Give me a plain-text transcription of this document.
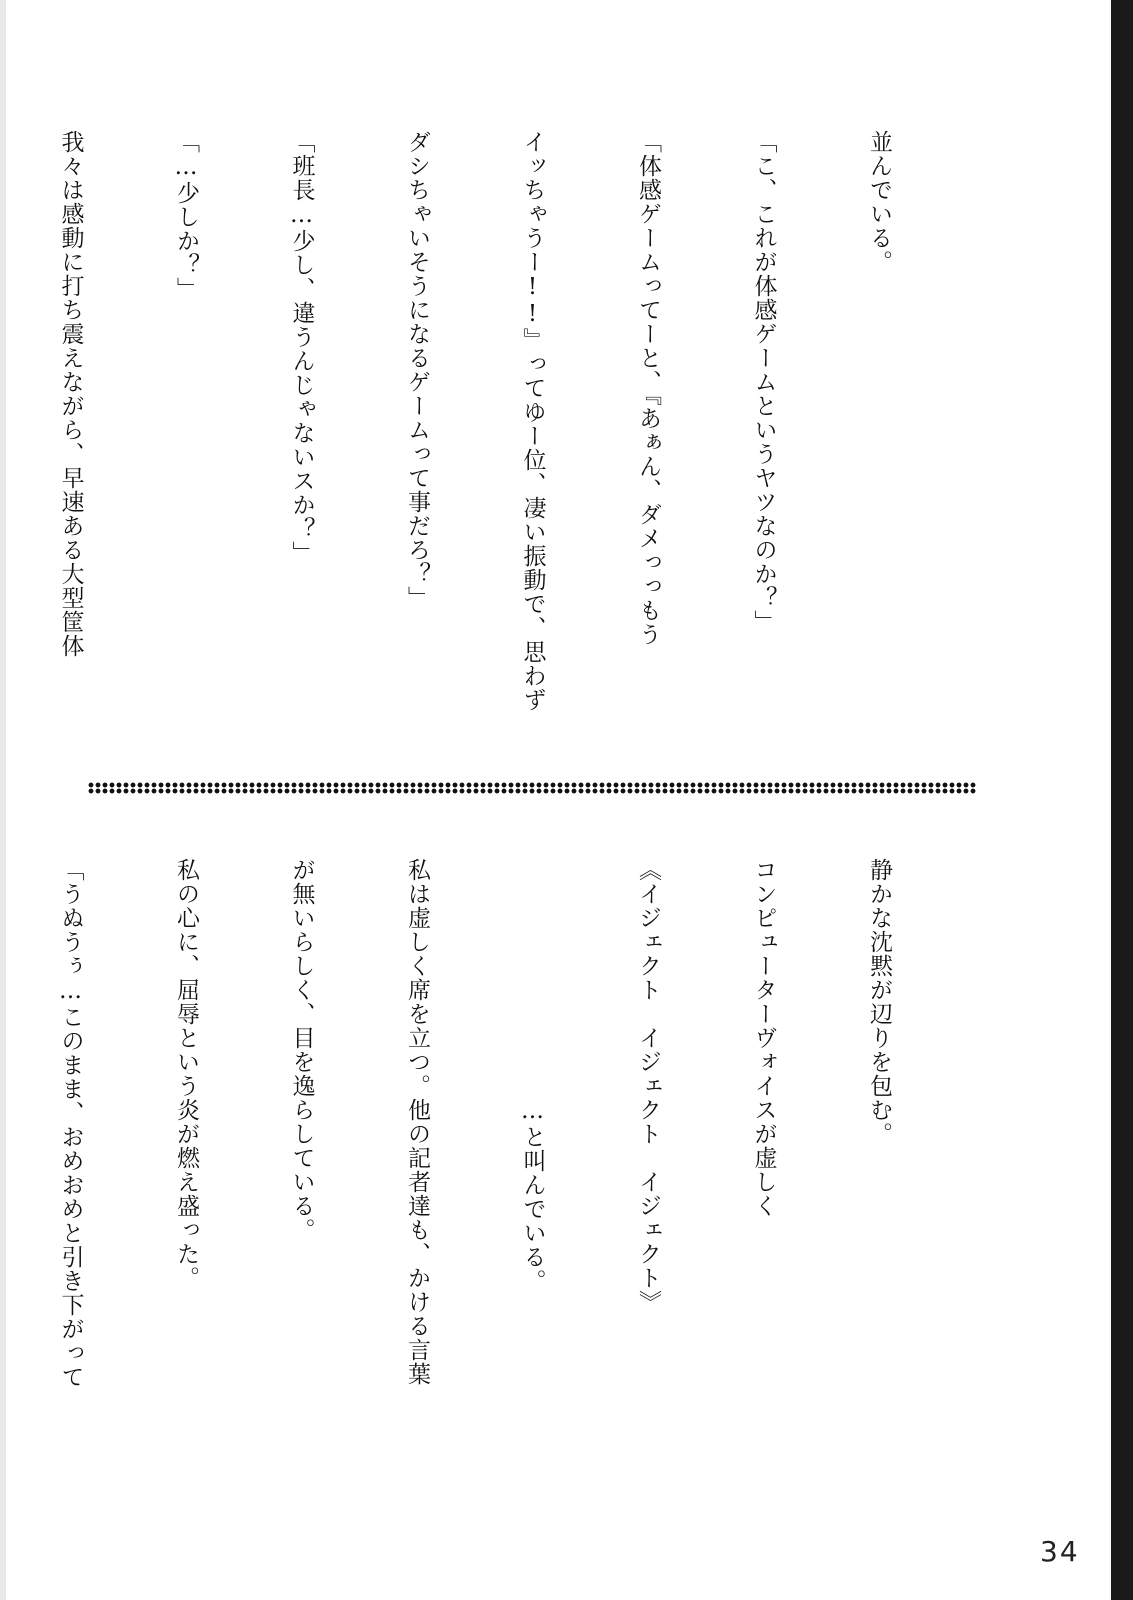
並んでいる。

「こ、これが体感ゲームというヤツなのか？」

「体感ゲームってーと、『あぁん、ダメっっもう

イッちゃうー!!』ってゆー位、凄い振動で、思わず

ダシちゃいそうになるゲームって事だろ？」

「班長…少し、違うんじゃないスか？」

「…少しか？」

我々は感動に打ち震えながら、早速ある大型筐体

静かな沈黙が辺りを包む。

コンピューターヴォイスが虚しく

《イジェクト　イジェクト　イジェクト》

　　　　　　　　　　…と叫んでいる。

私は虚しく席を立つ。他の記者達も、かける言葉

が無いらしく、目を逸らしている。

私の心に、屈辱という炎が燃え盛った。

「うぬうぅ…このまま、おめおめと引き下がって

34
